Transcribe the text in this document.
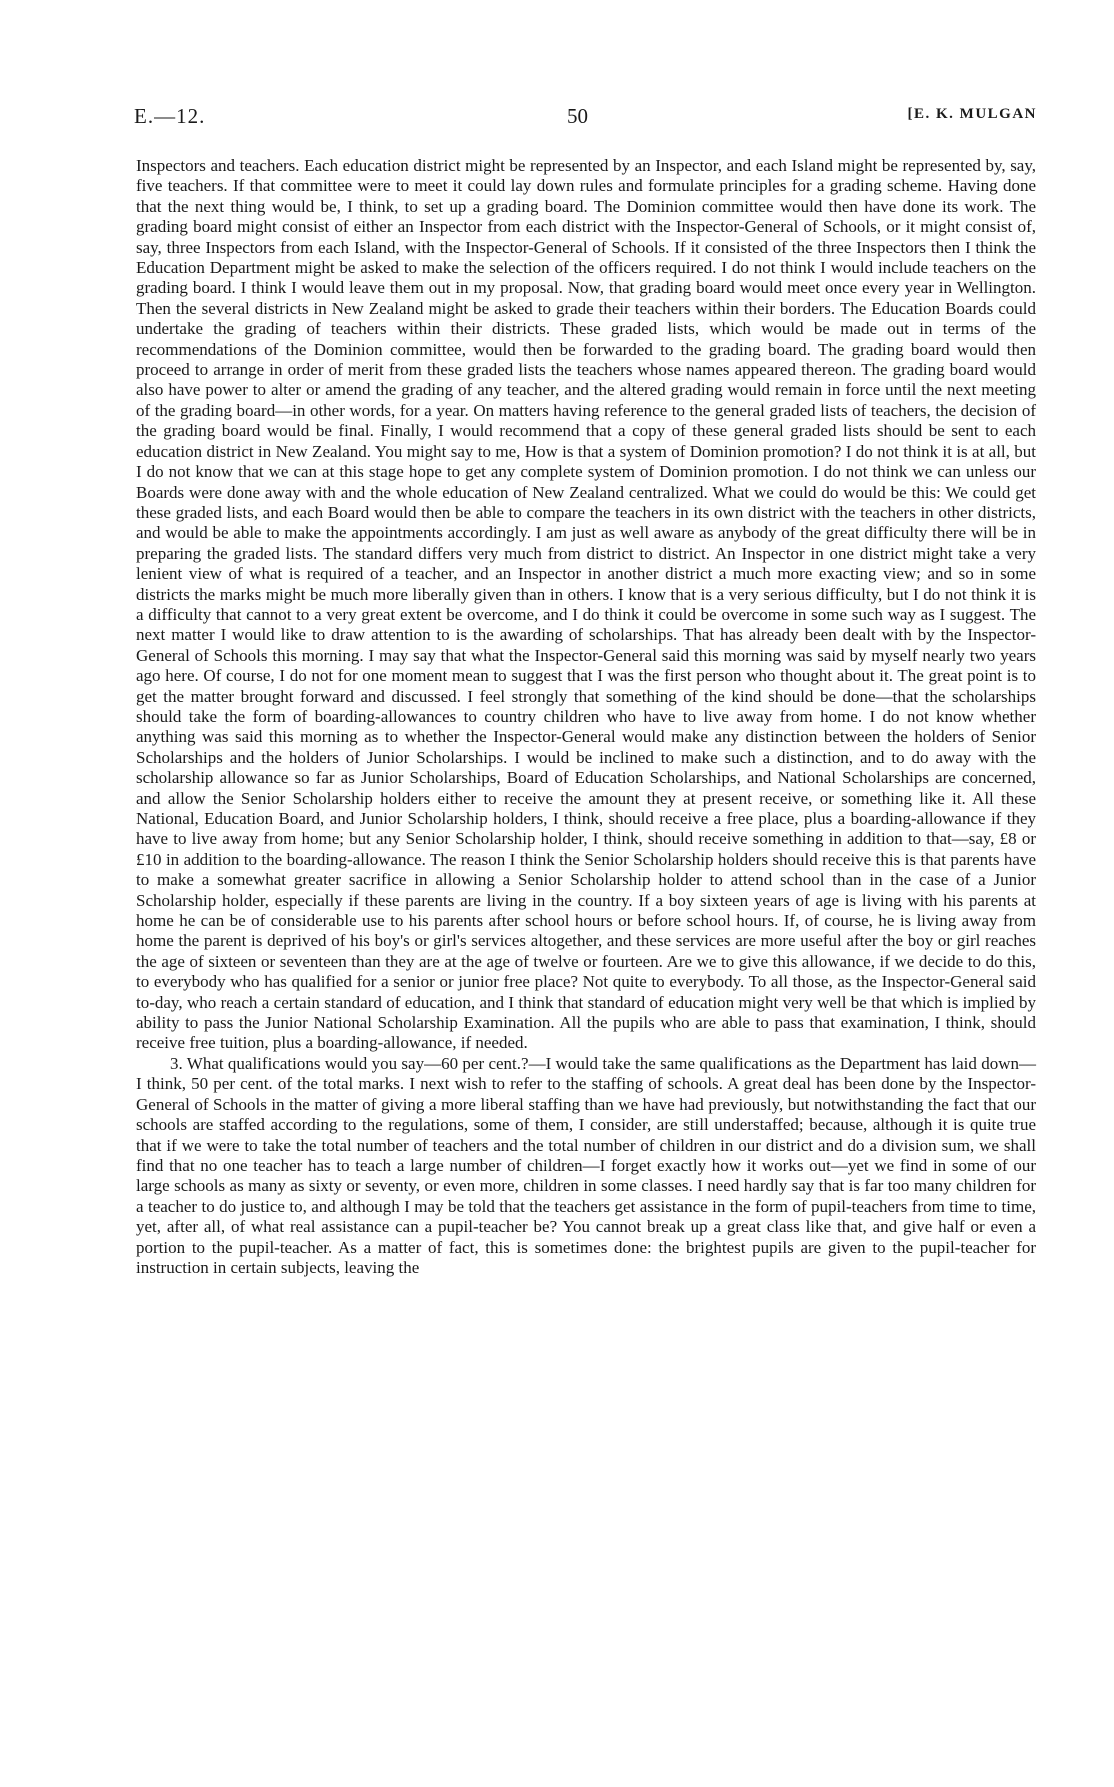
E.—12.	50	[E. K. MULGAN

Inspectors and teachers. Each education district might be represented by an Inspector, and each Island might be represented by, say, five teachers. If that committee were to meet it could lay down rules and formulate principles for a grading scheme. Having done that the next thing would be, I think, to set up a grading board. The Dominion committee would then have done its work. The grading board might consist of either an Inspector from each district with the Inspector-General of Schools, or it might consist of, say, three Inspectors from each Island, with the Inspector-General of Schools. If it consisted of the three Inspectors then I think the Education Department might be asked to make the selection of the officers required. I do not think I would include teachers on the grading board. I think I would leave them out in my proposal. Now, that grading board would meet once every year in Wellington. Then the several districts in New Zealand might be asked to grade their teachers within their borders. The Education Boards could undertake the grading of teachers within their districts. These graded lists, which would be made out in terms of the recommendations of the Dominion committee, would then be forwarded to the grading board. The grading board would then proceed to arrange in order of merit from these graded lists the teachers whose names appeared thereon. The grading board would also have power to alter or amend the grading of any teacher, and the altered grading would remain in force until the next meeting of the grading board—in other words, for a year. On matters having reference to the general graded lists of teachers, the decision of the grading board would be final. Finally, I would recommend that a copy of these general graded lists should be sent to each education district in New Zealand. You might say to me, How is that a system of Dominion promotion? I do not think it is at all, but I do not know that we can at this stage hope to get any complete system of Dominion promotion. I do not think we can unless our Boards were done away with and the whole education of New Zealand centralized. What we could do would be this: We could get these graded lists, and each Board would then be able to compare the teachers in its own district with the teachers in other districts, and would be able to make the appointments accordingly. I am just as well aware as anybody of the great difficulty there will be in preparing the graded lists. The standard differs very much from district to district. An Inspector in one district might take a very lenient view of what is required of a teacher, and an Inspector in another district a much more exacting view; and so in some districts the marks might be much more liberally given than in others. I know that is a very serious difficulty, but I do not think it is a difficulty that cannot to a very great extent be overcome, and I do think it could be overcome in some such way as I suggest. The next matter I would like to draw attention to is the awarding of scholarships. That has already been dealt with by the Inspector-General of Schools this morning. I may say that what the Inspector-General said this morning was said by myself nearly two years ago here. Of course, I do not for one moment mean to suggest that I was the first person who thought about it. The great point is to get the matter brought forward and discussed. I feel strongly that something of the kind should be done—that the scholarships should take the form of boarding-allowances to country children who have to live away from home. I do not know whether anything was said this morning as to whether the Inspector-General would make any distinction between the holders of Senior Scholarships and the holders of Junior Scholarships. I would be inclined to make such a distinction, and to do away with the scholarship allowance so far as Junior Scholarships, Board of Education Scholarships, and National Scholarships are concerned, and allow the Senior Scholarship holders either to receive the amount they at present receive, or something like it. All these National, Education Board, and Junior Scholarship holders, I think, should receive a free place, plus a boarding-allowance if they have to live away from home; but any Senior Scholarship holder, I think, should receive something in addition to that—say, £8 or £10 in addition to the boarding-allowance. The reason I think the Senior Scholarship holders should receive this is that parents have to make a somewhat greater sacrifice in allowing a Senior Scholarship holder to attend school than in the case of a Junior Scholarship holder, especially if these parents are living in the country. If a boy sixteen years of age is living with his parents at home he can be of considerable use to his parents after school hours or before school hours. If, of course, he is living away from home the parent is deprived of his boy's or girl's services altogether, and these services are more useful after the boy or girl reaches the age of sixteen or seventeen than they are at the age of twelve or fourteen. Are we to give this allowance, if we decide to do this, to everybody who has qualified for a senior or junior free place? Not quite to everybody. To all those, as the Inspector-General said to-day, who reach a certain standard of education, and I think that standard of education might very well be that which is implied by ability to pass the Junior National Scholarship Examination. All the pupils who are able to pass that examination, I think, should receive free tuition, plus a boarding-allowance, if needed.

3. What qualifications would you say—60 per cent.?—I would take the same qualifications as the Department has laid down—I think, 50 per cent. of the total marks. I next wish to refer to the staffing of schools. A great deal has been done by the Inspector-General of Schools in the matter of giving a more liberal staffing than we have had previously, but notwithstanding the fact that our schools are staffed according to the regulations, some of them, I consider, are still understaffed; because, although it is quite true that if we were to take the total number of teachers and the total number of children in our district and do a division sum, we shall find that no one teacher has to teach a large number of children—I forget exactly how it works out—yet we find in some of our large schools as many as sixty or seventy, or even more, children in some classes. I need hardly say that is far too many children for a teacher to do justice to, and although I may be told that the teachers get assistance in the form of pupil-teachers from time to time, yet, after all, of what real assistance can a pupil-teacher be? You cannot break up a great class like that, and give half or even a portion to the pupil-teacher. As a matter of fact, this is sometimes done: the brightest pupils are given to the pupil-teacher for instruction in certain subjects, leaving the
